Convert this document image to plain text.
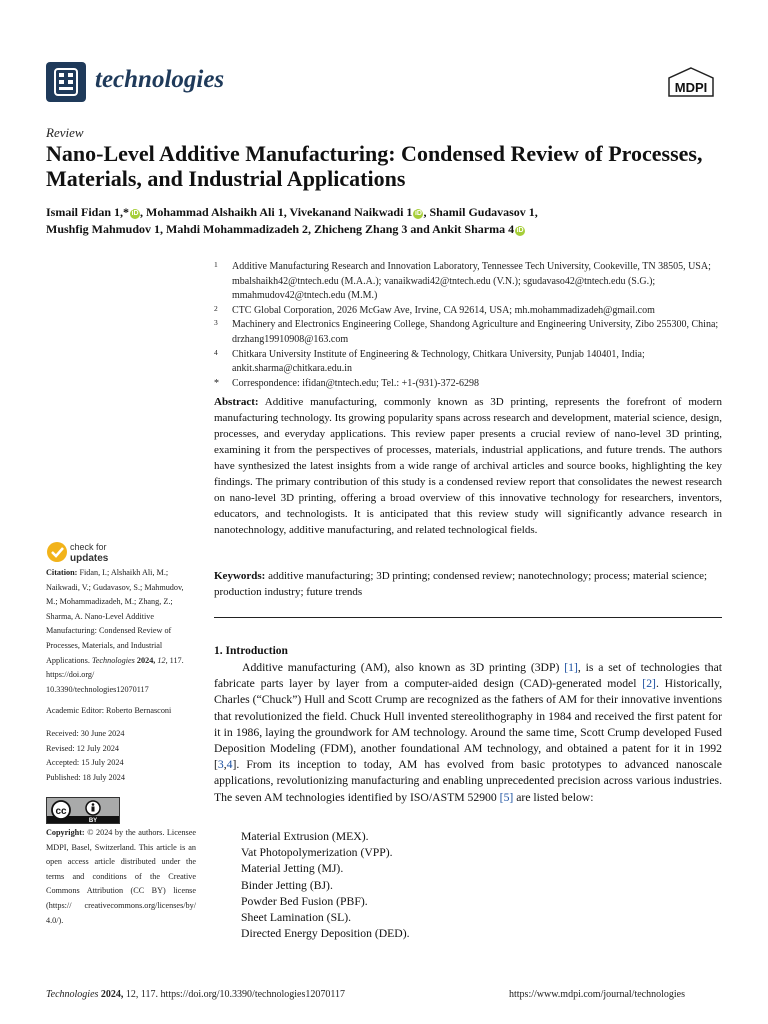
technologies	MDPI
Review
Nano-Level Additive Manufacturing: Condensed Review of Processes, Materials, and Industrial Applications
Ismail Fidan 1,* iD , Mohammad Alshaikh Ali 1, Vivekanand Naikwadi 1 iD , Shamil Gudavasov 1,
Mushfig Mahmudov 1, Mahdi Mohammadizadeh 2, Zhicheng Zhang 3 and Ankit Sharma 4 iD
1 Additive Manufacturing Research and Innovation Laboratory, Tennessee Tech University, Cookeville, TN 38505, USA; mbalshaikh42@tntech.edu (M.A.A.); vanaikwadi42@tntech.edu (V.N.); sgudavaso42@tntech.edu (S.G.); mmahmudov42@tntech.edu (M.M.)
2 CTC Global Corporation, 2026 McGaw Ave, Irvine, CA 92614, USA; mh.mohammadizadeh@gmail.com
3 Machinery and Electronics Engineering College, Shandong Agriculture and Engineering University, Zibo 255300, China; drzhang19910908@163.com
4 Chitkara University Institute of Engineering & Technology, Chitkara University, Punjab 140401, India; ankit.sharma@chitkara.edu.in
* Correspondence: ifidan@tntech.edu; Tel.: +1-(931)-372-6298
Abstract: Additive manufacturing, commonly known as 3D printing, represents the forefront of modern manufacturing technology. Its growing popularity spans across research and development, material science, design, processes, and everyday applications. This review paper presents a crucial review of nano-level 3D printing, examining it from the perspectives of processes, materials, industrial applications, and future trends. The authors have synthesized the latest insights from a wide range of archival articles and source books, highlighting the key findings. The primary contribution of this study is a condensed review report that consolidates the newest research on nano-level 3D printing, offering a broad overview of this innovative technology for researchers, inventors, educators, and technologists. It is anticipated that this review study will significantly advance research in nanotechnology, additive manufacturing, and related technological fields.
Keywords: additive manufacturing; 3D printing; condensed review; nanotechnology; process; material science; production industry; future trends
1. Introduction
Additive manufacturing (AM), also known as 3D printing (3DP) [1], is a set of technologies that fabricate parts layer by layer from a computer-aided design (CAD)-generated model [2]. Historically, Charles (“Chuck”) Hull and Scott Crump are recognized as the fathers of AM for their innovative inventions that revolutionized the field. Chuck Hull invented stereolithography in 1984 and received the first patent for it in 1986, laying the groundwork for AM technology. Around the same time, Scott Crump developed Fused Deposition Modeling (FDM), another foundational AM technology, and obtained a patent for it in 1992 [3,4]. From its inception to today, AM has evolved from basic prototypes to advanced nanoscale applications, revolutionizing manufacturing and enabling unprecedented precision across various industries. The seven AM technologies identified by ISO/ASTM 52900 [5] are listed below:
Material Extrusion (MEX).
Vat Photopolymerization (VPP).
Material Jetting (MJ).
Binder Jetting (BJ).
Powder Bed Fusion (PBF).
Sheet Lamination (SL).
Directed Energy Deposition (DED).
check for
updates
Citation: Fidan, I.; Alshaikh Ali, M.; Naikwadi, V.; Gudavasov, S.; Mahmudov, M.; Mohammadizadeh, M.; Zhang, Z.; Sharma, A. Nano-Level Additive Manufacturing: Condensed Review of Processes, Materials, and Industrial Applications. Technologies 2024, 12, 117. https://doi.org/ 10.3390/technologies12070117
Academic Editor: Roberto Bernasconi
Received: 30 June 2024
Revised: 12 July 2024
Accepted: 15 July 2024
Published: 18 July 2024
cc
BY
Copyright: © 2024 by the authors. Licensee MDPI, Basel, Switzerland. This article is an open access article distributed under the terms and conditions of the Creative Commons Attribution (CC BY) license (https:// creativecommons.org/licenses/by/ 4.0/).
Technologies 2024, 12, 117. https://doi.org/10.3390/technologies12070117	https://www.mdpi.com/journal/technologies
